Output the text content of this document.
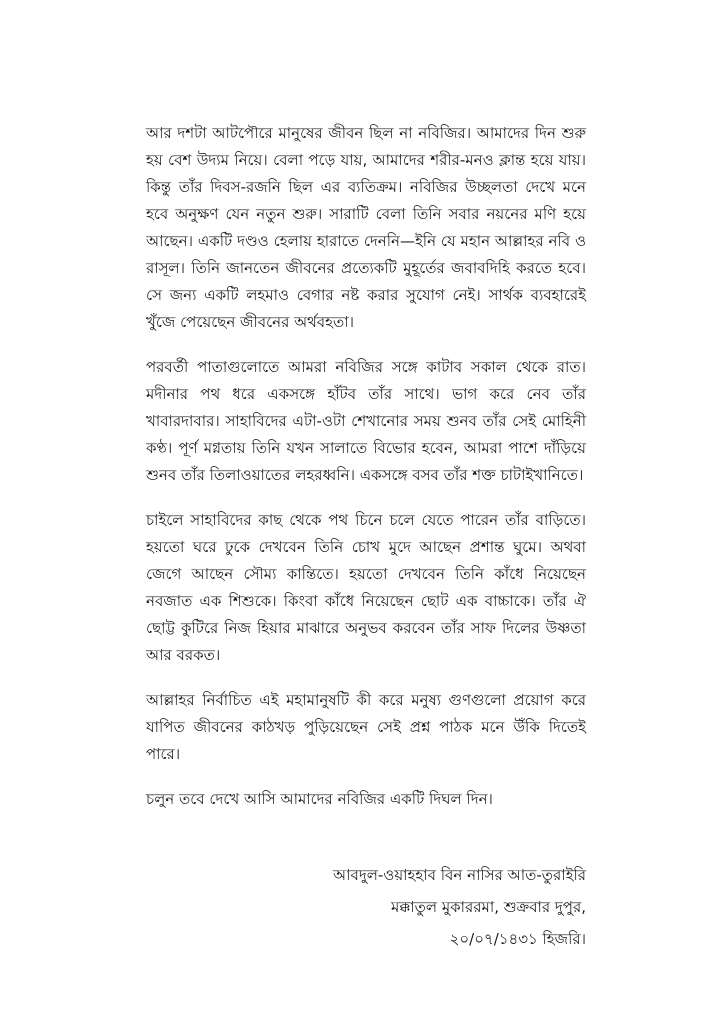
আর দশটা আটপৌরে মানুষের জীবন ছিল না নবিজির। আমাদের দিন শুরু হয় বেশ উদ্যম নিয়ে। বেলা পড়ে যায়, আমাদের শরীর-মনও ক্লান্ত হয়ে যায়। কিন্তু তাঁর দিবস-রজনি ছিল এর ব্যতিক্রম। নবিজির উচ্ছলতা দেখে মনে হবে অনুক্ষণ যেন নতুন শুরু। সারাটি বেলা তিনি সবার নয়নের মণি হয়ে আছেন। একটি দণ্ডও হেলায় হারাতে দেননি—ইনি যে মহান আল্লাহর নবি ও রাসূল। তিনি জানতেন জীবনের প্রত্যেকটি মুহূর্তের জবাবদিহি করতে হবে। সে জন্য একটি লহমাও বেগার নষ্ট করার সুযোগ নেই। সার্থক ব্যবহারেই খুঁজে পেয়েছেন জীবনের অর্থবহতা।

পরবর্তী পাতাগুলোতে আমরা নবিজির সঙ্গে কাটাব সকাল থেকে রাত। মদীনার পথ ধরে একসঙ্গে হাঁটব তাঁর সাথে। ভাগ করে নেব তাঁর খাবারদাবার। সাহাবিদের এটা-ওটা শেখানোর সময় শুনব তাঁর সেই মোহিনী কণ্ঠ। পূর্ণ মগ্নতায় তিনি যখন সালাতে বিভোর হবেন, আমরা পাশে দাঁড়িয়ে শুনব তাঁর তিলাওয়াতের লহরধ্বনি। একসঙ্গে বসব তাঁর শক্ত চাটাইখানিতে।

চাইলে সাহাবিদের কাছ থেকে পথ চিনে চলে যেতে পারেন তাঁর বাড়িতে। হয়তো ঘরে ঢুকে দেখবেন তিনি চোখ মুদে আছেন প্রশান্ত ঘুমে। অথবা জেগে আছেন সৌম্য কান্তিতে। হয়তো দেখবেন তিনি কাঁধে নিয়েছেন নবজাত এক শিশুকে। কিংবা কাঁধে নিয়েছেন ছোট এক বাচ্চাকে। তাঁর ঐ ছোট্ট কুটিরে নিজ হিয়ার মাঝারে অনুভব করবেন তাঁর সাফ দিলের উষ্ণতা আর বরকত।

আল্লাহর নির্বাচিত এই মহামানুষটি কী করে মনুষ্য গুণগুলো প্রয়োগ করে যাপিত জীবনের কাঠখড় পুড়িয়েছেন সেই প্রশ্ন পাঠক মনে উঁকি দিতেই পারে।

চলুন তবে দেখে আসি আমাদের নবিজির একটি দিঘল দিন।

আবদুল-ওয়াহহাব বিন নাসির আত-তুরাইরি
মক্কাতুল মুকাররমা, শুক্রবার দুপুর,
২০/০৭/১৪৩১ হিজরি।
